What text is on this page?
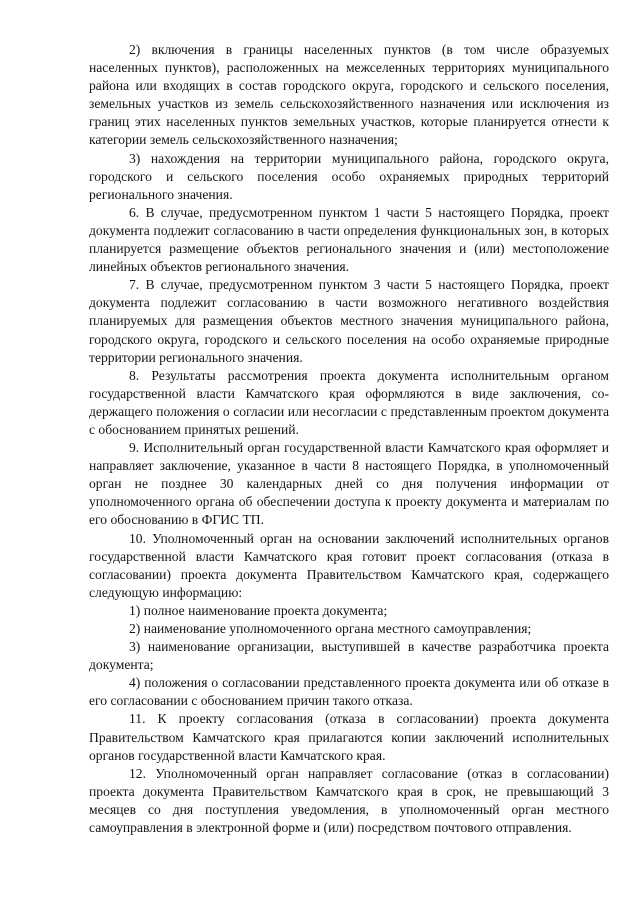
2) включения в границы населенных пунктов (в том числе образуемых населенных пунктов), расположенных на межселенных территориях муниципального района или входящих в состав городского округа, городского и сельского поселения, земельных участков из земель сельскохозяйственного назначения или исключения из границ этих населенных пунктов земельных участков, которые планируется отнести к категории земель сельскохозяйственного назначения;

3) нахождения на территории муниципального района, городского округа, городского и сельского поселения особо охраняемых природных территорий регионального значения.

6. В случае, предусмотренном пунктом 1 части 5 настоящего Порядка, проект документа подлежит согласованию в части определения функциональных зон, в которых планируется размещение объектов регионального значения и (или) местоположение линейных объектов регионального значения.

7. В случае, предусмотренном пунктом 3 части 5 настоящего Порядка, проект документа подлежит согласованию в части возможного негативного воздействия планируемых для размещения объектов местного значения муниципального района, городского округа, городского и сельского поселения на особо охраняемые природные территории регионального значения.

8. Результаты рассмотрения проекта документа исполнительным органом государственной власти Камчатского края оформляются в виде заключения, содержащего положения о согласии или несогласии с представленным проектом документа с обоснованием принятых решений.

9. Исполнительный орган государственной власти Камчатского края оформляет и направляет заключение, указанное в части 8 настоящего Порядка, в уполномоченный орган не позднее 30 календарных дней со дня получения информации от уполномоченного органа об обеспечении доступа к проекту документа и материалам по его обоснованию в ФГИС ТП.

10. Уполномоченный орган на основании заключений исполнительных органов государственной власти Камчатского края готовит проект согласования (отказа в согласовании) проекта документа Правительством Камчатского края, содержащего следующую информацию:

1) полное наименование проекта документа;

2) наименование уполномоченного органа местного самоуправления;

3) наименование организации, выступившей в качестве разработчика проекта документа;

4) положения о согласовании представленного проекта документа или об отказе в его согласовании с обоснованием причин такого отказа.

11. К проекту согласования (отказа в согласовании) проекта документа Правительством Камчатского края прилагаются копии заключений исполнительных органов государственной власти Камчатского края.

12. Уполномоченный орган направляет согласование (отказ в согласовании) проекта документа Правительством Камчатского края в срок, не превышающий 3 месяцев со дня поступления уведомления, в уполномоченный орган местного самоуправления в электронной форме и (или) посредством почтового отправления.
